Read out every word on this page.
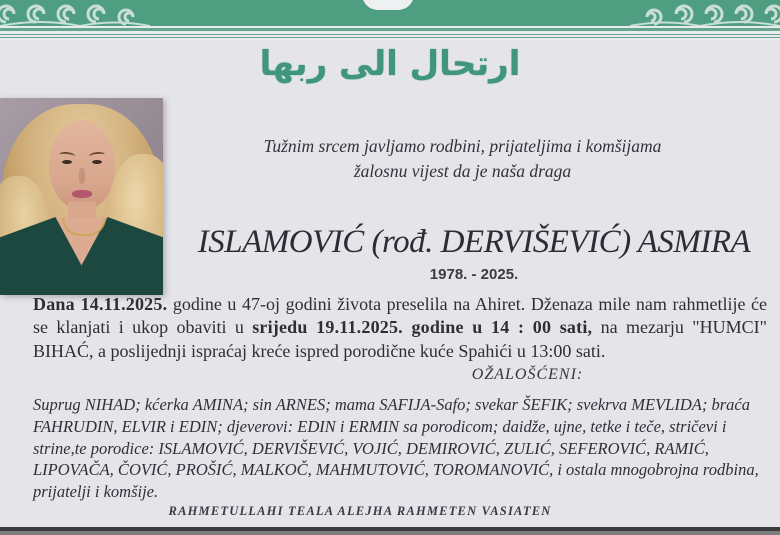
ارتحال الى ربها
Tužnim srcem javljamo rodbini, prijateljima i komšijama
žalosnu vijest da je naša draga
ISLAMOVIĆ (rođ. DERVIŠEVIĆ) ASMIRA
1978. - 2025.
Dana 14.11.2025. godine u 47-oj godini života preselila na Ahiret. Dženaza mile nam rahmetlije će se klanjati i ukop obaviti u srijedu 19.11.2025. godine u 14 : 00 sati, na mezarju "HUMCI" BIHAĆ, a poslijednji ispraćaj kreće ispred porodične kuće Spahići u 13:00 sati.
OŽALOŠĆENI:
Suprug NIHAD; kćerka AMINA; sin ARNES; mama SAFIJA-Safo; svekar ŠEFIK; svekrva MEVLIDA; braća FAHRUDIN, ELVIR i EDIN; djeverovi: EDIN i ERMIN sa porodicom; daidže, ujne, tetke i teče, stričevi i strine,te porodice: ISLAMOVIĆ, DERVIŠEVIĆ, VOJIĆ, DEMIROVIĆ, ZULIĆ, SEFEROVIĆ, RAMIĆ, LIPOVAČA, ČOVIĆ, PROŠIĆ, MALKOČ, MAHMUTOVIĆ, TOROMANOVIĆ, i ostala mnogobrojna rodbina, prijatelji i komšije.
RAHMETULLAHI TEALA ALEJHA RAHMETEN VASIATEN
